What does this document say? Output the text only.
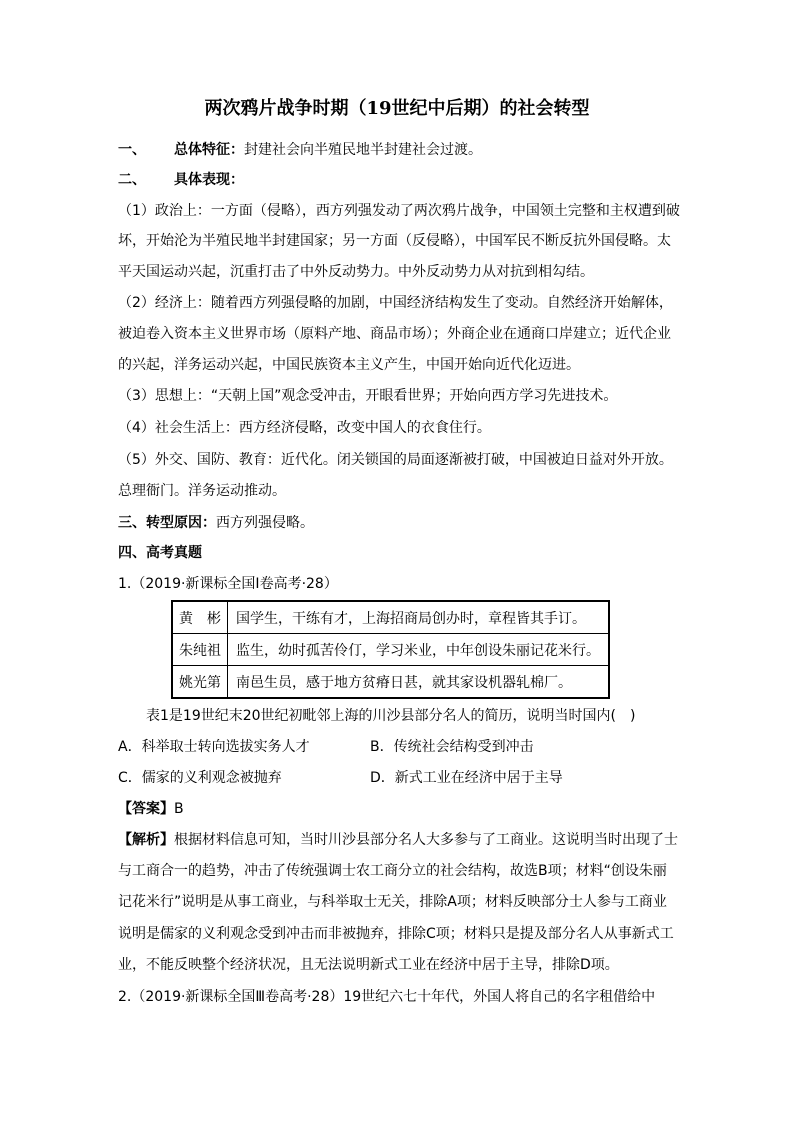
两次鸦片战争时期（19世纪中后期）的社会转型
一、 总体特征：封建社会向半殖民地半封建社会过渡。
二、 具体表现：
（1）政治上：一方面（侵略），西方列强发动了两次鸦片战争，中国领土完整和主权遭到破
坏，开始沦为半殖民地半封建国家；另一方面（反侵略），中国军民不断反抗外国侵略。太
平天国运动兴起，沉重打击了中外反动势力。中外反动势力从对抗到相勾结。
（2）经济上：随着西方列强侵略的加剧，中国经济结构发生了变动。自然经济开始解体，
被迫卷入资本主义世界市场（原料产地、商品市场）；外商企业在通商口岸建立；近代企业
的兴起，洋务运动兴起，中国民族资本主义产生，中国开始向近代化迈进。
（3）思想上：“天朝上国”观念受冲击，开眼看世界；开始向西方学习先进技术。
（4）社会生活上：西方经济侵略，改变中国人的衣食住行。
（5）外交、国防、教育：近代化。闭关锁国的局面逐渐被打破，中国被迫日益对外开放。
总理衙门。洋务运动推动。
三、转型原因：西方列强侵略。
四、高考真题
1.（2019·新课标全国Ⅰ卷高考·28）
黄　彬	国学生，干练有才，上海招商局创办时，章程皆其手订。
朱纯祖	监生，幼时孤苦伶仃，学习米业，中年创设朱丽记花米行。
姚光第	南邑生员，感于地方贫瘠日甚，就其家设机器轧棉厂。
表1是19世纪末20世纪初毗邻上海的川沙县部分名人的简历，说明当时国内(　)
A．科举取士转向选拔实务人才	B．传统社会结构受到冲击
C．儒家的义利观念被抛弃	D．新式工业在经济中居于主导
【答案】B
【解析】根据材料信息可知，当时川沙县部分名人大多参与了工商业。这说明当时出现了士
与工商合一的趋势，冲击了传统强调士农工商分立的社会结构，故选B项；材料“创设朱丽
记花米行”说明是从事工商业，与科举取士无关，排除A项；材料反映部分士人参与工商业
说明是儒家的义利观念受到冲击而非被抛弃，排除C项；材料只是提及部分名人从事新式工
业，不能反映整个经济状况，且无法说明新式工业在经济中居于主导，排除D项。
2.（2019·新课标全国Ⅲ卷高考·28）19世纪六七十年代，外国人将自己的名字租借给中
